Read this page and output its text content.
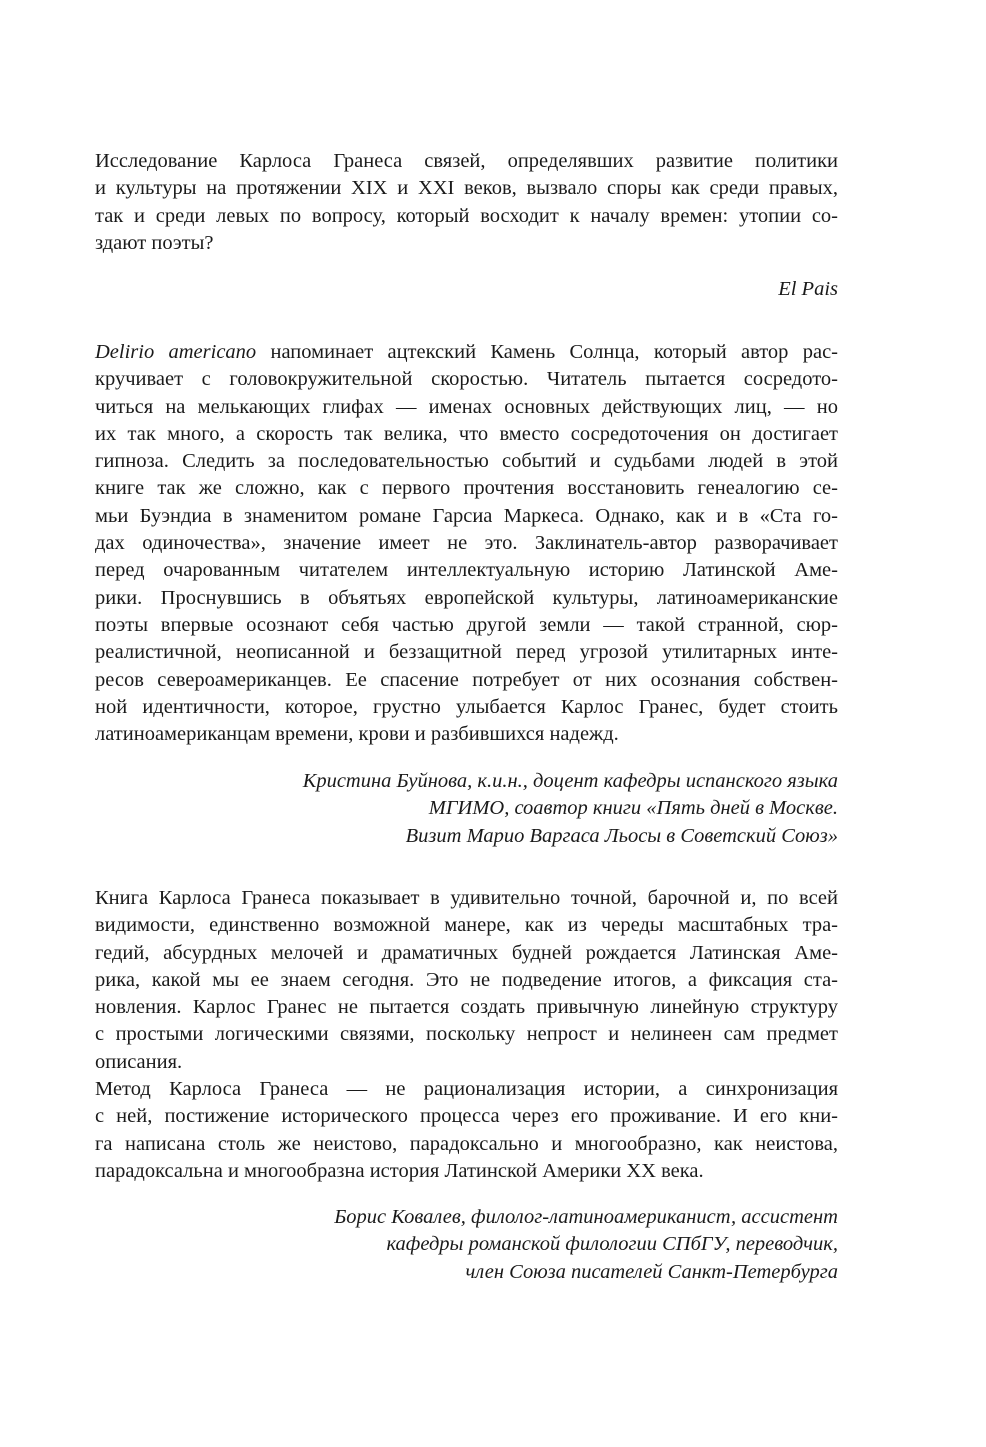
Исследование Карлоса Гранеса связей, определявших развитие политики
и культуры на протяжении XIX и XXI веков, вызвало споры как среди правых,
так и среди левых по вопросу, который восходит к началу времен: утопии со-
здают поэты?
El Pais
Delirio americano напоминает ацтекский Камень Солнца, который автор рас-
кручивает с головокружительной скоростью. Читатель пытается сосредото-
читься на мелькающих глифах — именах основных действующих лиц, — но
их так много, а скорость так велика, что вместо сосредоточения он достигает
гипноза. Следить за последовательностью событий и судьбами людей в этой
книге так же сложно, как с первого прочтения восстановить генеалогию се-
мьи Буэндиа в знаменитом романе Гарсиа Маркеса. Однако, как и в «Ста го-
дах одиночества», значение имеет не это. Заклинатель-автор разворачивает
перед очарованным читателем интеллектуальную историю Латинской Аме-
рики. Проснувшись в объятьях европейской культуры, латиноамериканские
поэты впервые осознают себя частью другой земли — такой странной, сюр-
реалистичной, неописанной и беззащитной перед угрозой утилитарных инте-
ресов североамериканцев. Ее спасение потребует от них осознания собствен-
ной идентичности, которое, грустно улыбается Карлос Гранес, будет стоить
латиноамериканцам времени, крови и разбившихся надежд.
Кристина Буйнова, к.и.н., доцент кафедры испанского языка
МГИМО, соавтор книги «Пять дней в Москве.
Визит Марио Варгаса Льосы в Советский Союз»
Книга Карлоса Гранеса показывает в удивительно точной, барочной и, по всей
видимости, единственно возможной манере, как из череды масштабных тра-
гедий, абсурдных мелочей и драматичных будней рождается Латинская Аме-
рика, какой мы ее знаем сегодня. Это не подведение итогов, а фиксация ста-
новления. Карлос Гранес не пытается создать привычную линейную структуру
с простыми логическими связями, поскольку непрост и нелинеен сам предмет
описания.
Метод Карлоса Гранеса — не рационализация истории, а синхронизация
с ней, постижение исторического процесса через его проживание. И его кни-
га написана столь же неистово, парадоксально и многообразно, как неистова,
парадоксальна и многообразна история Латинской Америки XX века.
Борис Ковалев, филолог-латиноамериканист, ассистент
кафедры романской филологии СПбГУ, переводчик,
член Союза писателей Санкт-Петербурга
